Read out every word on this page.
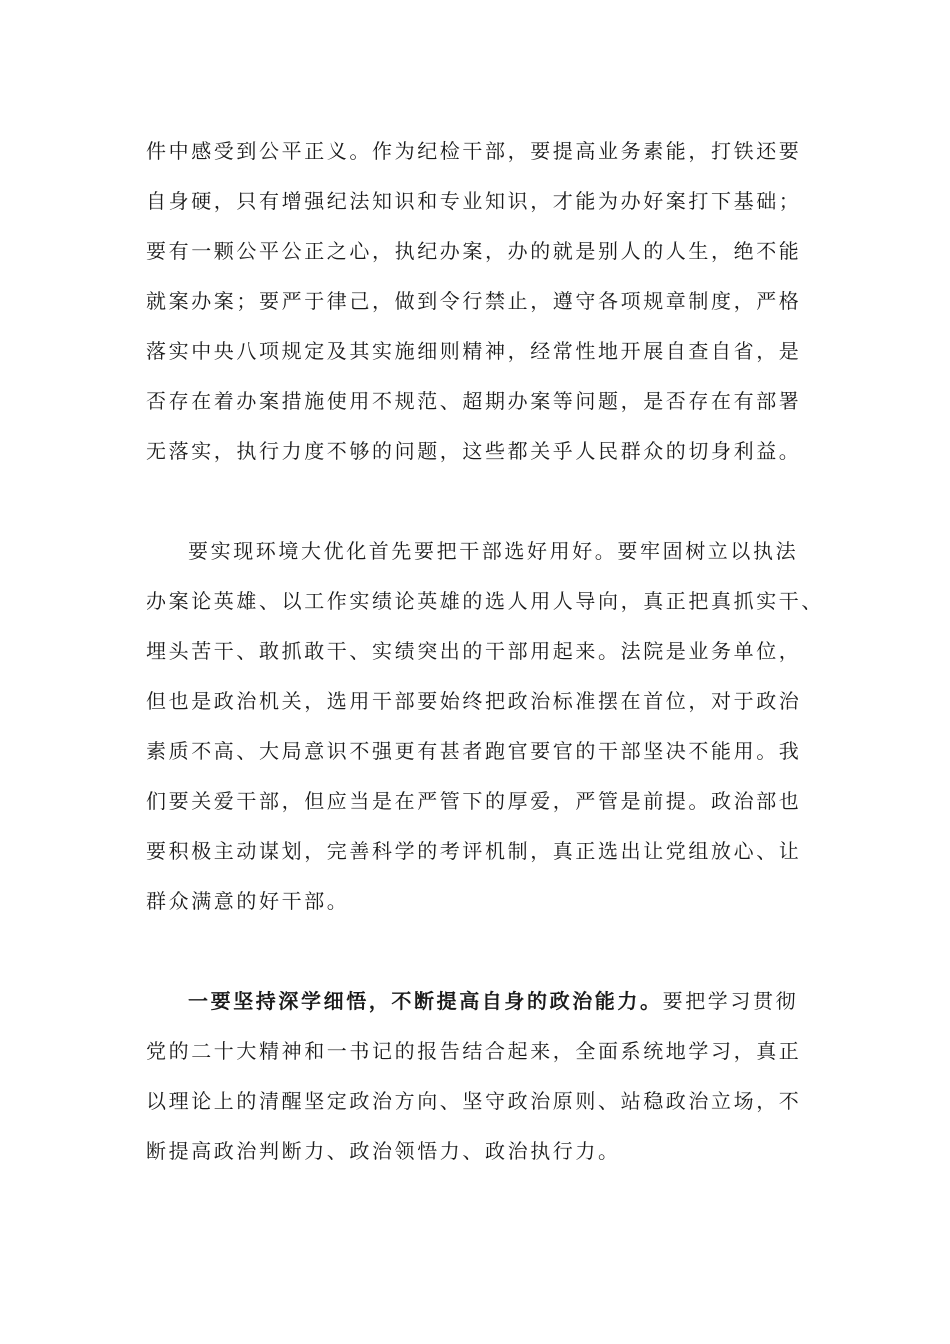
件中感受到公平正义。作为纪检干部，要提高业务素能，打铁还要

自身硬，只有增强纪法知识和专业知识，才能为办好案打下基础；

要有一颗公平公正之心，执纪办案，办的就是别人的人生，绝不能

就案办案；要严于律己，做到令行禁止，遵守各项规章制度，严格

落实中央八项规定及其实施细则精神，经常性地开展自查自省，是

否存在着办案措施使用不规范、超期办案等问题，是否存在有部署

无落实，执行力度不够的问题，这些都关乎人民群众的切身利益。

要实现环境大优化首先要把干部选好用好。要牢固树立以执法

办案论英雄、以工作实绩论英雄的选人用人导向，真正把真抓实干、

埋头苦干、敢抓敢干、实绩突出的干部用起来。法院是业务单位，

但也是政治机关，选用干部要始终把政治标准摆在首位，对于政治

素质不高、大局意识不强更有甚者跑官要官的干部坚决不能用。我

们要关爱干部，但应当是在严管下的厚爱，严管是前提。政治部也

要积极主动谋划，完善科学的考评机制，真正选出让党组放心、让

群众满意的好干部。

一要坚持深学细悟，不断提高自身的政治能力。要把学习贯彻

党的二十大精神和一书记的报告结合起来，全面系统地学习，真正

以理论上的清醒坚定政治方向、坚守政治原则、站稳政治立场，不

断提高政治判断力、政治领悟力、政治执行力。
